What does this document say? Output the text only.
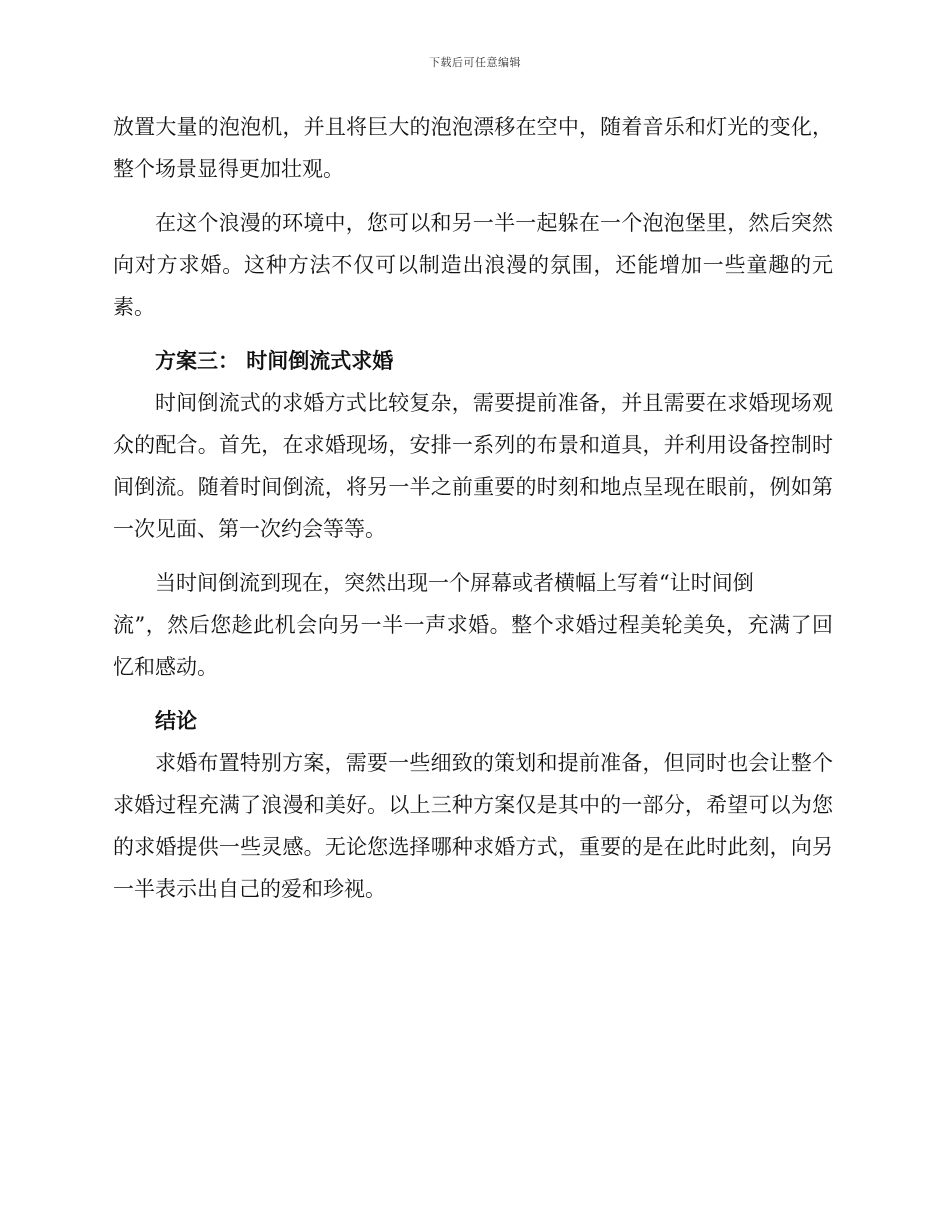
下载后可任意编辑

放置大量的泡泡机，并且将巨大的泡泡漂移在空中，随着音乐和灯光的变化，整个场景显得更加壮观。

在这个浪漫的环境中，您可以和另一半一起躲在一个泡泡堡里，然后突然向对方求婚。这种方法不仅可以制造出浪漫的氛围，还能增加一些童趣的元素。

方案三： 时间倒流式求婚

时间倒流式的求婚方式比较复杂，需要提前准备，并且需要在求婚现场观众的配合。首先，在求婚现场，安排一系列的布景和道具，并利用设备控制时间倒流。随着时间倒流，将另一半之前重要的时刻和地点呈现在眼前，例如第一次见面、第一次约会等等。

当时间倒流到现在，突然出现一个屏幕或者横幅上写着“让时间倒

流”，然后您趁此机会向另一半一声求婚。整个求婚过程美轮美奂，充满了回忆和感动。

结论

求婚布置特别方案，需要一些细致的策划和提前准备，但同时也会让整个求婚过程充满了浪漫和美好。以上三种方案仅是其中的一部分，希望可以为您的求婚提供一些灵感。无论您选择哪种求婚方式，重要的是在此时此刻，向另一半表示出自己的爱和珍视。
